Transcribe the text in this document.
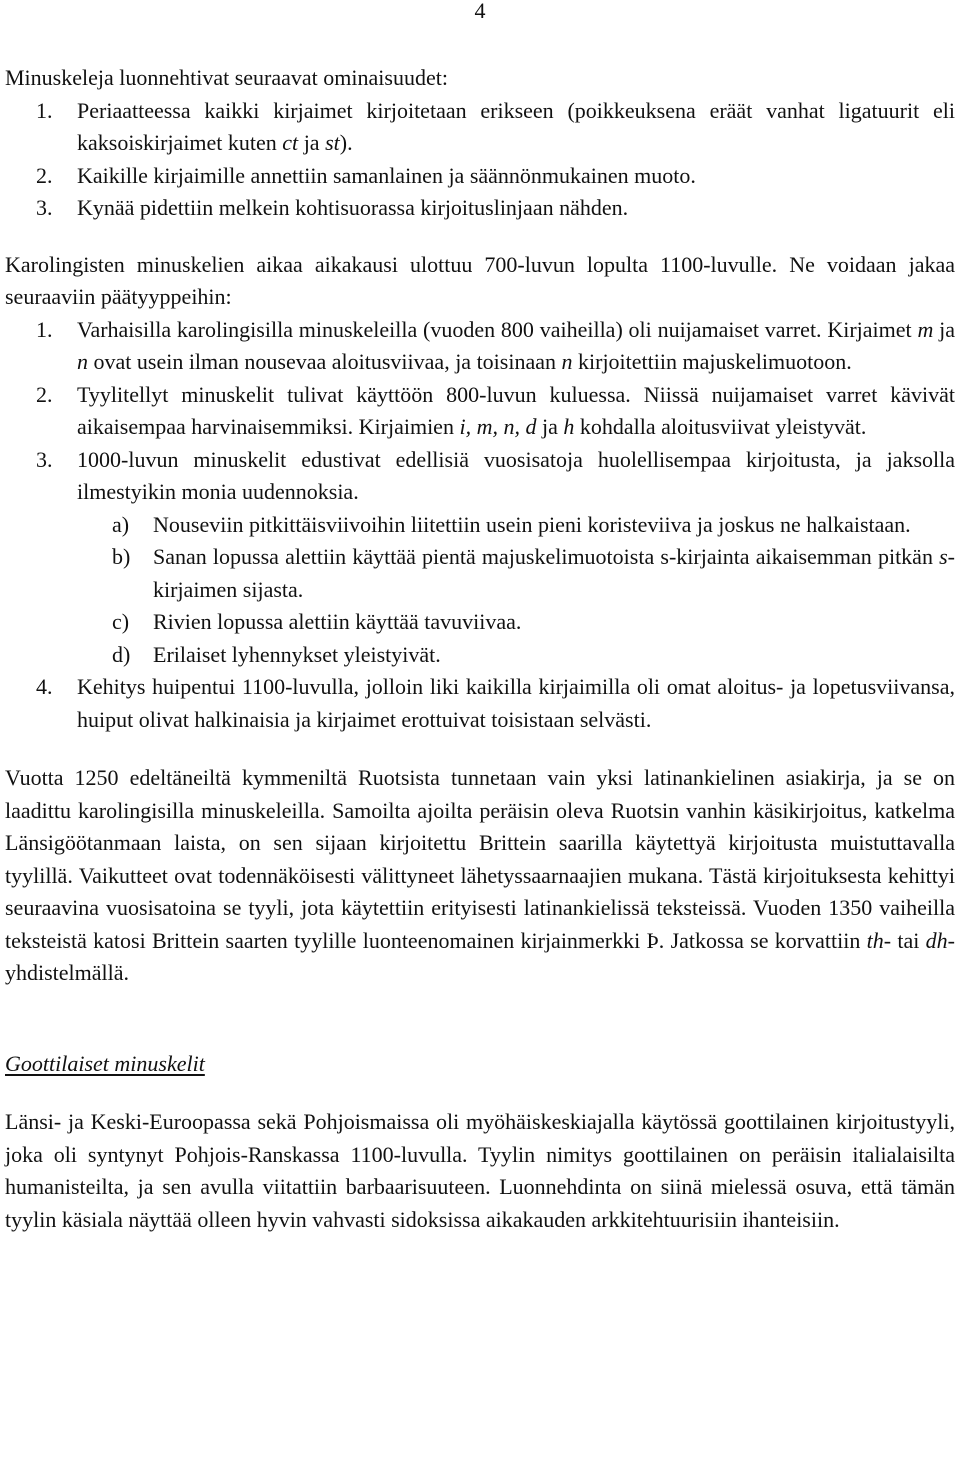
4

Minuskeleja luonnehtivat seuraavat ominaisuudet:

1. Periaatteessa kaikki kirjaimet kirjoitetaan erikseen (poikkeuksena eräät vanhat ligatuurit eli kaksoiskirjaimet kuten ct ja st).
2. Kaikille kirjaimille annettiin samanlainen ja säännönmukainen muoto.
3. Kynää pidettiin melkein kohtisuorassa kirjoituslinjaan nähden.

Karolingisten minuskelien aikaa aikakausi ulottuu 700-luvun lopulta 1100-luvulle. Ne voidaan jakaa seuraaviin päätyyppeihin:

1. Varhaisilla karolingisilla minuskeleilla (vuoden 800 vaiheilla) oli nuijamaiset varret. Kirjaimet m ja n ovat usein ilman nousevaa aloitusviivaa, ja toisinaan n kirjoitettiin majuskelimuotoon.
2. Tyylitellyt minuskelit tulivat käyttöön 800-luvun kuluessa. Niissä nuijamaiset varret kävivät aikaisempaa harvinaisemmiksi. Kirjaimien i, m, n, d ja h kohdalla aloitusviivat yleistyvät.
3. 1000-luvun minuskelit edustivat edellisiä vuosisatoja huolellisempaa kirjoitusta, ja jaksolla ilmestyikin monia uudennoksia.
a) Nouseviin pitkittäisviivoihin liitettiin usein pieni koristeviiva ja joskus ne halkaistaan.
b) Sanan lopussa alettiin käyttää pientä majuskelimuotoista s-kirjainta aikaisemman pitkän s-kirjaimen sijasta.
c) Rivien lopussa alettiin käyttää tavuviivaa.
d) Erilaiset lyhennykset yleistyivät.
4. Kehitys huipentui 1100-luvulla, jolloin liki kaikilla kirjaimilla oli omat aloitus- ja lopetusviivansa, huiput olivat halkinaisia ja kirjaimet erottuivat toisistaan selvästi.

Vuotta 1250 edeltäneiltä kymmeniltä Ruotsista tunnetaan vain yksi latinankielinen asiakirja, ja se on laadittu karolingisilla minuskeleilla. Samoilta ajoilta peräisin oleva Ruotsin vanhin käsikirjoitus, katkelma Länsigöötanmaan laista, on sen sijaan kirjoitettu Brittein saarilla käytettyä kirjoitusta muistuttavalla tyylillä. Vaikutteet ovat todennäköisesti välittyneet lähetyssaarnaajien mukana. Tästä kirjoituksesta kehittyi seuraavina vuosisatoina se tyyli, jota käytettiin erityisesti latinankielissä teksteissä. Vuoden 1350 vaiheilla teksteistä katosi Brittein saarten tyylille luonteenomainen kirjainmerkki Þ. Jatkossa se korvattiin th- tai dh-yhdistelmällä.

Goottilaiset minuskelit

Länsi- ja Keski-Euroopassa sekä Pohjoismaissa oli myöhäiskeskiajalla käytössä goottilainen kirjoitustyyli, joka oli syntynyt Pohjois-Ranskassa 1100-luvulla. Tyylin nimitys goottilainen on peräisin italialaisilta humanisteilta, ja sen avulla viitattiin barbaarisuuteen. Luonnehdinta on siinä mielessä osuva, että tämän tyylin käsiala näyttää olleen hyvin vahvasti sidoksissa aikakauden arkkitehtuurisiin ihanteisiin.
